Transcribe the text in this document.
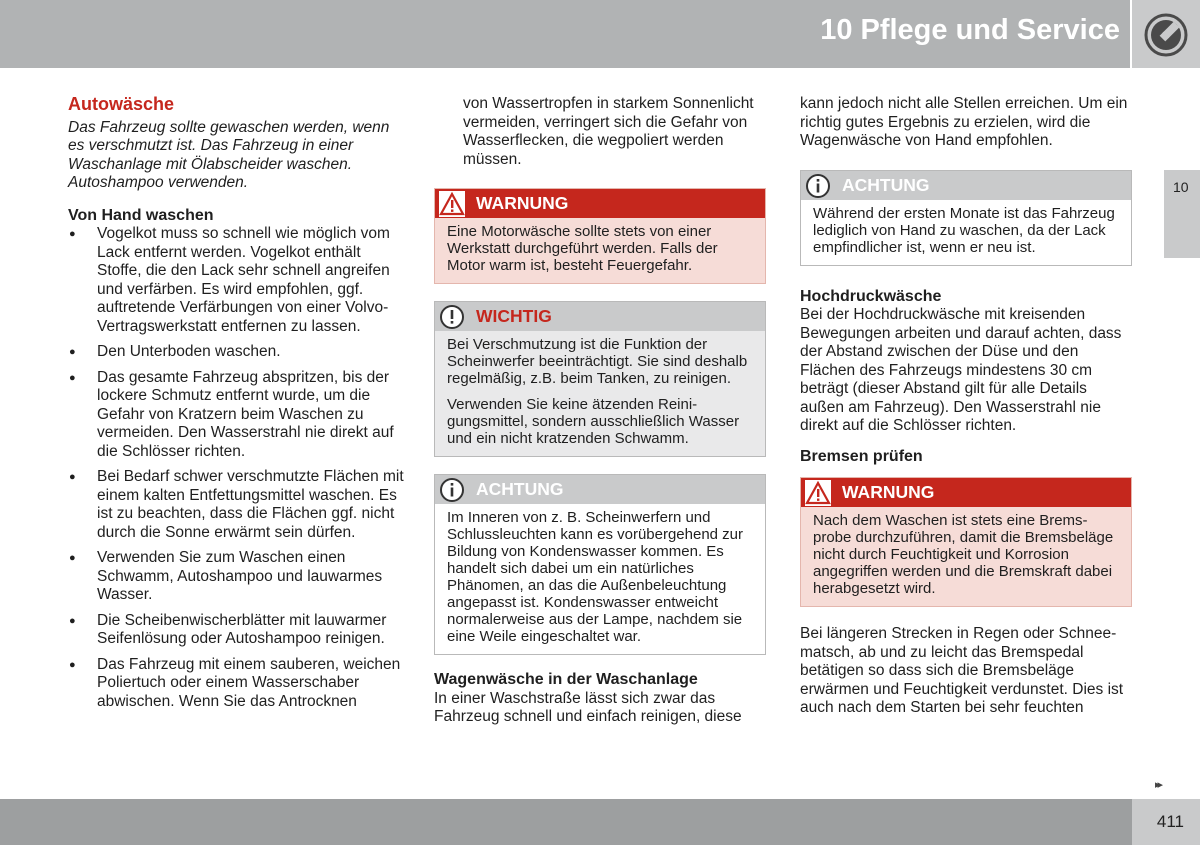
10 Pflege und Service
10
Autowäsche

Das Fahrzeug sollte gewaschen werden, wenn es verschmutzt ist. Das Fahrzeug in einer Waschanlage mit Ölabscheider waschen. Autoshampoo verwenden.

Von Hand waschen

● Vogelkot muss so schnell wie möglich vom Lack entfernt werden. Vogelkot enthält Stoffe, die den Lack sehr schnell angreifen und verfärben. Es wird empfohlen, ggf. auftretende Verfärbungen von einer Volvo-Vertragswerkstatt entfernen zu lassen.
● Den Unterboden waschen.
● Das gesamte Fahrzeug abspritzen, bis der lockere Schmutz entfernt wurde, um die Gefahr von Kratzern beim Waschen zu vermeiden. Den Wasserstrahl nie direkt auf die Schlösser richten.
● Bei Bedarf schwer verschmutzte Flächen mit einem kalten Entfettungsmittel waschen. Es ist zu beachten, dass die Flächen ggf. nicht durch die Sonne erwärmt sein dürfen.
● Verwenden Sie zum Waschen einen Schwamm, Autoshampoo und lauwarmes Wasser.
● Die Scheibenwischerblätter mit lauwarmer Seifenlösung oder Autoshampoo reinigen.
● Das Fahrzeug mit einem sauberen, weichen Poliertuch oder einem Wasserschaber abwischen. Wenn Sie das Antrocknen

von Wassertropfen in starkem Sonnenlicht vermeiden, verringert sich die Gefahr von Wasserflecken, die wegpoliert werden müssen.

WARNUNG
Eine Motorwäsche sollte stets von einer Werkstatt durchgeführt werden. Falls der Motor warm ist, besteht Feuergefahr.
WICHTIG

Bei Verschmutzung ist die Funktion der Scheinwerfer beeinträchtigt. Sie sind deshalb regelmäßig, z.B. beim Tanken, zu reinigen.

Verwenden Sie keine ätzenden Reinigungsmittel, sondern ausschließlich Wasser und ein nicht kratzenden Schwamm.

ACHTUNG
Im Inneren von z. B. Scheinwerfern und Schlussleuchten kann es vorübergehend zur Bildung von Kondenswasser kommen. Es handelt sich dabei um ein natürliches Phänomen, an das die Außenbeleuchtung angepasst ist. Kondenswasser entweicht normalerweise aus der Lampe, nachdem sie eine Weile eingeschaltet war.

Wagenwäsche in der Waschanlage

In einer Waschstraße lässt sich zwar das Fahrzeug schnell und einfach reinigen, diese

kann jedoch nicht alle Stellen erreichen. Um ein richtig gutes Ergebnis zu erzielen, wird die Wagenwäsche von Hand empfohlen.

ACHTUNG
Während der ersten Monate ist das Fahrzeug lediglich von Hand zu waschen, da der Lack empfindlicher ist, wenn er neu ist.

Hochdruckwäsche

Bei der Hochdruckwäsche mit kreisenden Bewegungen arbeiten und darauf achten, dass der Abstand zwischen der Düse und den Flächen des Fahrzeugs mindestens 30 cm beträgt (dieser Abstand gilt für alle Details außen am Fahrzeug). Den Wasserstrahl nie direkt auf die Schlösser richten.

Bremsen prüfen

WARNUNG
Nach dem Waschen ist stets eine Bremsprobe durchzuführen, damit die Bremsbeläge nicht durch Feuchtigkeit und Korrosion angegriffen werden und die Bremskraft dabei herabgesetzt wird.

Bei längeren Strecken in Regen oder Schneematsch, ab und zu leicht das Bremspedal betätigen so dass sich die Bremsbeläge erwärmen und Feuchtigkeit verdunstet. Dies ist auch nach dem Starten bei sehr feuchten

▸▸
411
